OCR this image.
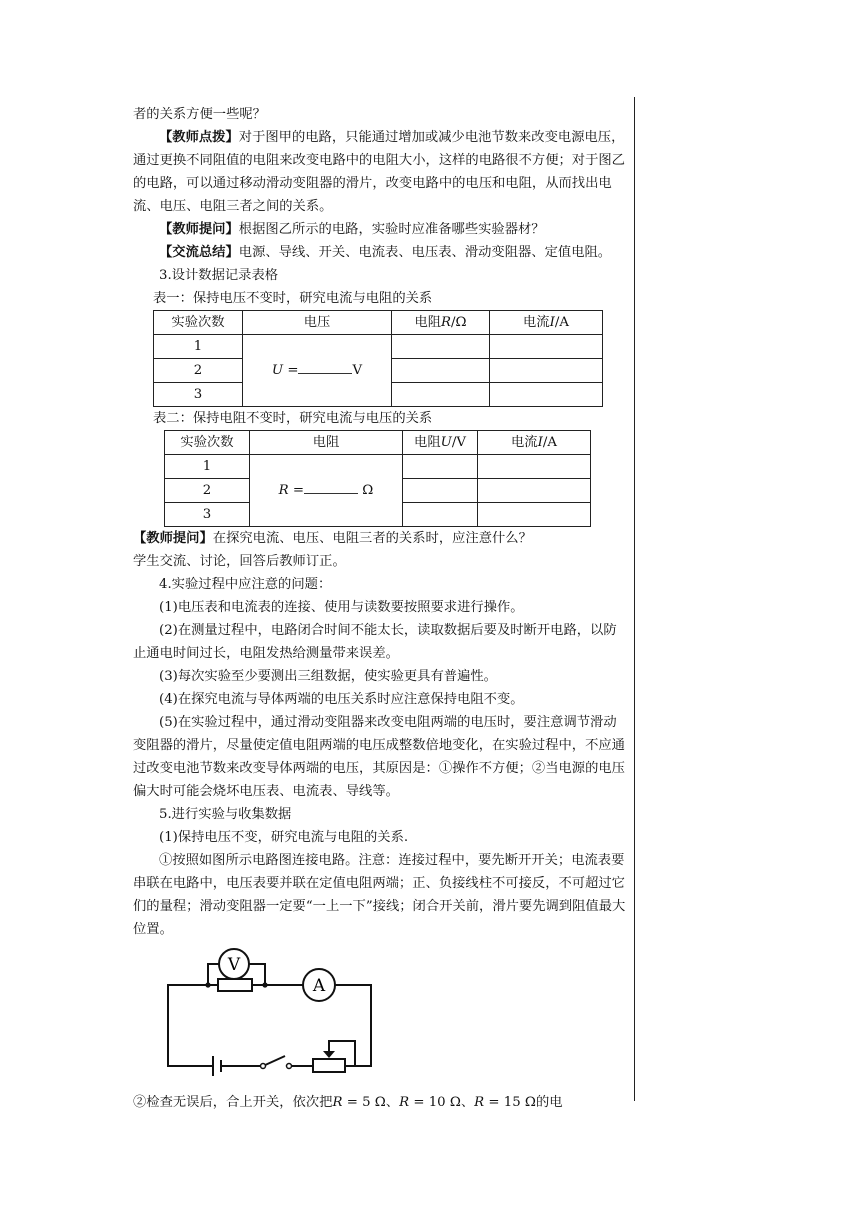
者的关系方便一些呢？

【教师点拨】对于图甲的电路，只能通过增加或减少电池节数来改变电源电压，通过更换不同阻值的电阻来改变电路中的电阻大小，这样的电路很不方便；对于图乙的电路，可以通过移动滑动变阻器的滑片，改变电路中的电压和电阻，从而找出电流、电压、电阻三者之间的关系。

【教师提问】根据图乙所示的电路，实验时应准备哪些实验器材？

【交流总结】电源、导线、开关、电流表、电压表、滑动变阻器、定值电阻。

3.设计数据记录表格

表一：保持电压不变时，研究电流与电阻的关系

实验次数	电压	电阻R/Ω	电流I/A
1	U = V		
2			
3			

表二：保持电阻不变时，研究电流与电压的关系

实验次数	电阻	电阻U/V	电流I/A
1	R = Ω		
2			
3			

【教师提问】在探究电流、电压、电阻三者的关系时，应注意什么？

学生交流、讨论，回答后教师订正。

4.实验过程中应注意的问题：

(1)电压表和电流表的连接、使用与读数要按照要求进行操作。

(2)在测量过程中，电路闭合时间不能太长，读取数据后要及时断开电路，以防止通电时间过长，电阻发热给测量带来误差。

(3)每次实验至少要测出三组数据，使实验更具有普遍性。

(4)在探究电流与导体两端的电压关系时应注意保持电阻不变。

(5)在实验过程中，通过滑动变阻器来改变电阻两端的电压时，要注意调节滑动变阻器的滑片，尽量使定值电阻两端的电压成整数倍地变化，在实验过程中，不应通过改变电池节数来改变导体两端的电压，其原因是：①操作不方便；②当电源的电压偏大时可能会烧坏电压表、电流表、导线等。

5.进行实验与收集数据

(1)保持电压不变，研究电流与电阻的关系.

①按照如图所示电路图连接电路。注意：连接过程中，要先断开开关；电流表要串联在电路中，电压表要并联在定值电阻两端；正、负接线柱不可接反，不可超过它们的量程；滑动变阻器一定要“一上一下”接线；闭合开关前，滑片要先调到阻值最大位置。

V
A

②检查无误后，合上开关，依次把R = 5 Ω、R = 10 Ω、R = 15 Ω的电
